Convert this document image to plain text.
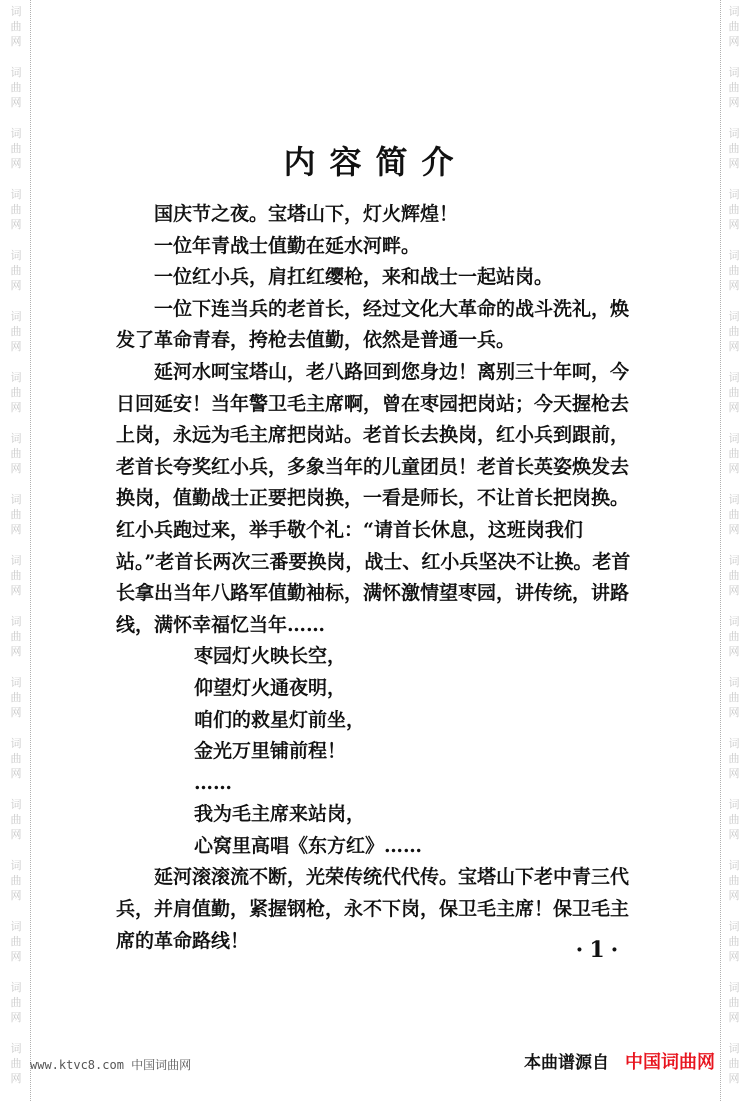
词
曲
网
词
曲
网
词
曲
网
词
曲
网
词
曲
网
词
曲
网
词
曲
网
词
曲
网
词
曲
网
词
曲
网
词
曲
网
词
曲
网
词
曲
网
词
曲
网
词
曲
网
词
曲
网
词
曲
网
词
曲
网
词
曲
网
词
曲
网
词
曲
网
词
曲
网
词
曲
网
词
曲
网
词
曲
网
词
曲
网
词
曲
网
词
曲
网
词
曲
网
词
曲
网
词
曲
网
词
曲
网
词
曲
网
词
曲
网
词
曲
网
词
曲
网
内容简介

国庆节之夜。宝塔山下，灯火辉煌！

一位年青战士值勤在延水河畔。

一位红小兵，肩扛红缨枪，来和战士一起站岗。

一位下连当兵的老首长，经过文化大革命的战斗洗礼，焕发了革命青春，挎枪去值勤，依然是普通一兵。

延河水呵宝塔山，老八路回到您身边！离别三十年呵，今日回延安！当年警卫毛主席啊，曾在枣园把岗站；今天握枪去上岗，永远为毛主席把岗站。老首长去换岗，红小兵到跟前，老首长夸奖红小兵，多象当年的儿童团员！老首长英姿焕发去换岗，值勤战士正要把岗换，一看是师长，不让首长把岗换。红小兵跑过来，举手敬个礼：“请首长休息，这班岗我们站。”老首长两次三番要换岗，战士、红小兵坚决不让换。老首长拿出当年八路军值勤袖标，满怀激情望枣园，讲传统，讲路线，满怀幸福忆当年……

枣园灯火映长空，
仰望灯火通夜明，
咱们的救星灯前坐，
金光万里铺前程！
……
我为毛主席来站岗，
心窝里高唱《东方红》……

延河滚滚流不断，光荣传统代代传。宝塔山下老中青三代兵，并肩值勤，紧握钢枪，永不下岗，保卫毛主席！保卫毛主席的革命路线！	·1·
www.ktvc8.com 中国词曲网	本曲谱源自 中国词曲网
